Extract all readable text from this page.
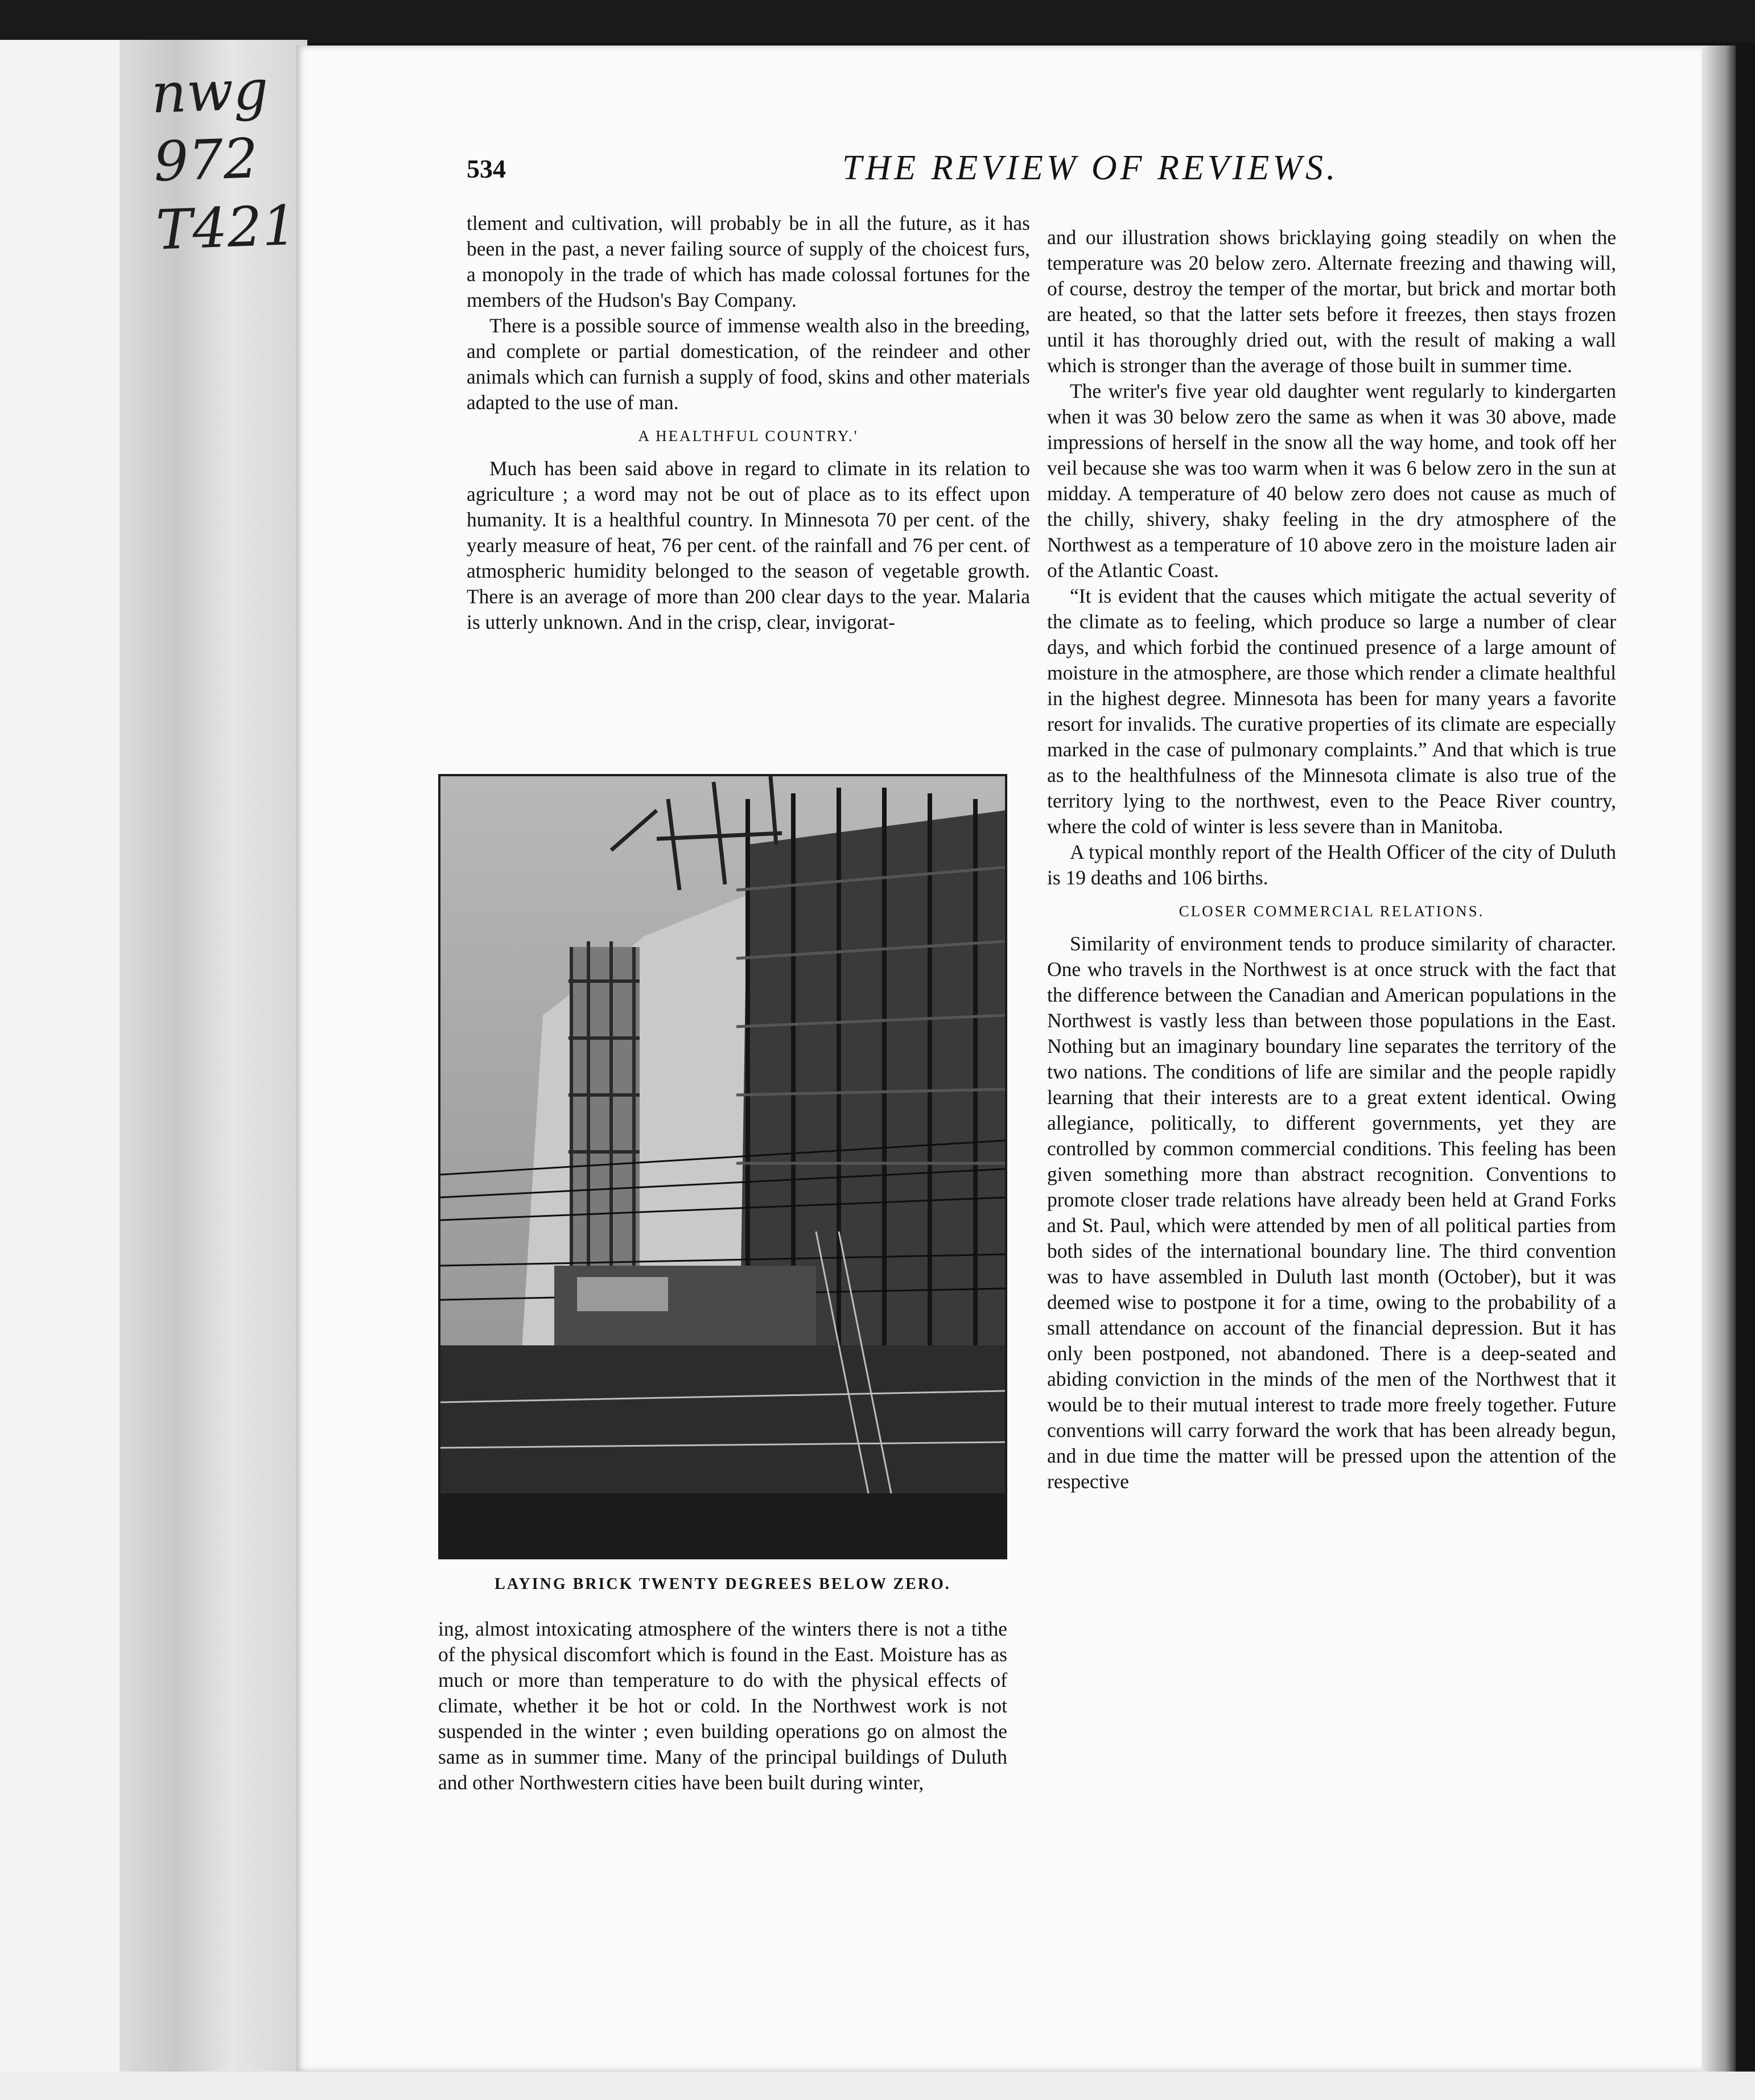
nwg
972
T421
534	THE REVIEW OF REVIEWS.

tlement and cultivation, will probably be in all the future, as it has been in the past, a never failing source of supply of the choicest furs, a monopoly in the trade of which has made colossal fortunes for the members of the Hudson's Bay Company.

There is a possible source of immense wealth also in the breeding, and complete or partial domestication, of the reindeer and other animals which can furnish a supply of food, skins and other materials adapted to the use of man.

A HEALTHFUL COUNTRY.'

Much has been said above in regard to climate in its relation to agriculture ; a word may not be out of place as to its effect upon humanity. It is a healthful country. In Minnesota 70 per cent. of the yearly measure of heat, 76 per cent. of the rainfall and 76 per cent. of atmospheric humidity belonged to the season of vegetable growth. There is an average of more than 200 clear days to the year. Malaria is utterly unknown. And in the crisp, clear, invigorat-

LAYING BRICK TWENTY DEGREES BELOW ZERO.

ing, almost intoxicating atmosphere of the winters there is not a tithe of the physical discomfort which is found in the East. Moisture has as much or more than temperature to do with the physical effects of climate, whether it be hot or cold. In the Northwest work is not suspended in the winter ; even building operations go on almost the same as in summer time. Many of the principal buildings of Duluth and other Northwestern cities have been built during winter,

and our illustration shows bricklaying going steadily on when the temperature was 20 below zero. Alternate freezing and thawing will, of course, destroy the temper of the mortar, but brick and mortar both are heated, so that the latter sets before it freezes, then stays frozen until it has thoroughly dried out, with the result of making a wall which is stronger than the average of those built in summer time.

The writer's five year old daughter went regularly to kindergarten when it was 30 below zero the same as when it was 30 above, made impressions of herself in the snow all the way home, and took off her veil because she was too warm when it was 6 below zero in the sun at midday. A temperature of 40 below zero does not cause as much of the chilly, shivery, shaky feeling in the dry atmosphere of the Northwest as a temperature of 10 above zero in the moisture laden air of the Atlantic Coast.

“It is evident that the causes which mitigate the actual severity of the climate as to feeling, which produce so large a number of clear days, and which forbid the continued presence of a large amount of moisture in the atmosphere, are those which render a climate healthful in the highest degree. Minnesota has been for many years a favorite resort for invalids. The curative properties of its climate are especially marked in the case of pulmonary complaints.” And that which is true as to the healthfulness of the Minnesota climate is also true of the territory lying to the northwest, even to the Peace River country, where the cold of winter is less severe than in Manitoba.

A typical monthly report of the Health Officer of the city of Duluth is 19 deaths and 106 births.

CLOSER COMMERCIAL RELATIONS.

Similarity of environment tends to produce similarity of character. One who travels in the Northwest is at once struck with the fact that the difference between the Canadian and American populations in the Northwest is vastly less than between those populations in the East. Nothing but an imaginary boundary line separates the territory of the two nations. The conditions of life are similar and the people rapidly learning that their interests are to a great extent identical. Owing allegiance, politically, to different governments, yet they are controlled by common commercial conditions. This feeling has been given something more than abstract recognition. Conventions to promote closer trade relations have already been held at Grand Forks and St. Paul, which were attended by men of all political parties from both sides of the international boundary line. The third convention was to have assembled in Duluth last month (October), but it was deemed wise to postpone it for a time, owing to the probability of a small attendance on account of the financial depression. But it has only been postponed, not abandoned. There is a deep-seated and abiding conviction in the minds of the men of the Northwest that it would be to their mutual interest to trade more freely together. Future conventions will carry forward the work that has been already begun, and in due time the matter will be pressed upon the attention of the respective
